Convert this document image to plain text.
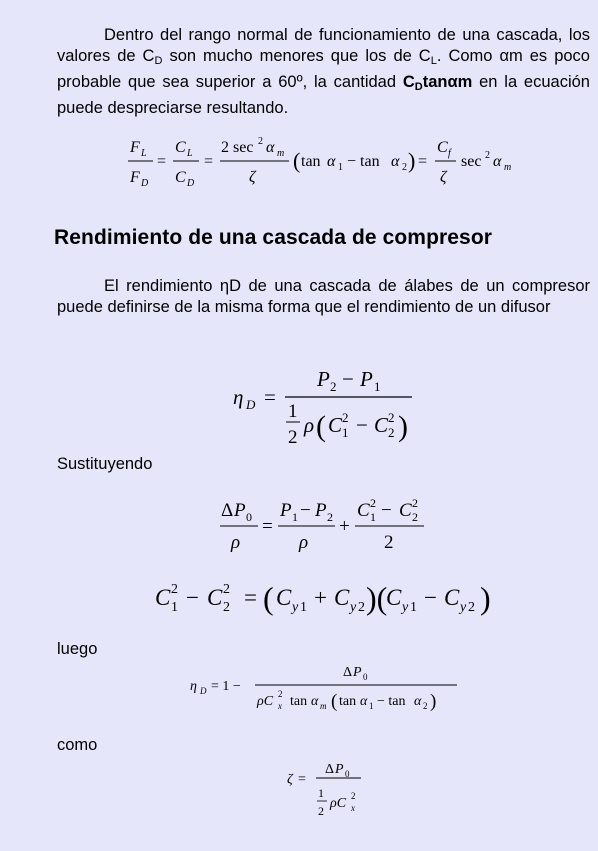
Dentro del rango normal de funcionamiento de una cascada, los valores de $C_D$ son mucho menores que los de $C_L$. Como αm es poco probable que sea superior a 60º, la cantidad $C_D\tan\alpha m$ en la ecuación puede despreciarse resultando.
F L
F D
=
C L
C D
=
2 sec 2 α m
ζ
( tan α 1 − tan α 2 ) =
C f
ζ
sec 2 α m
Rendimiento de una cascada de compresor
El rendimiento ηD de una cascada de álabes de un compresor puede definirse de la misma forma que el rendimiento de un difusor
η D =
P 2 − P 1
1
2
ρ ( C 1
2 − C 2
2 )
Sustituyendo
Δ P 0
ρ
=
P 1 − P 2
ρ
+
C 1
2 − C 2
2
2
C 1
2 − C 2
2 = ( C y 1 + C y 2 )(
C y 1 − C y 2 )
luego
η D = 1 −
Δ P 0
ρC x
2 tan α m ( tan α 1 − tan α 2 )
como
ζ =
Δ P 0
1
2 ρC x
2
